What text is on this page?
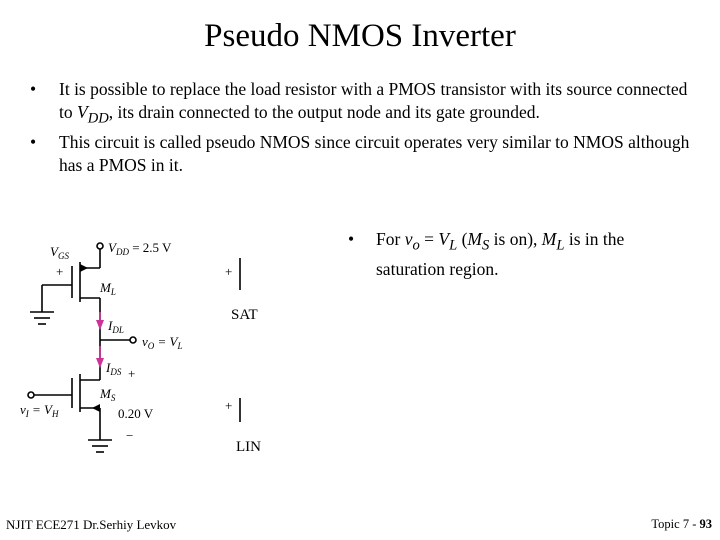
Pseudo NMOS Inverter

• It is possible to replace the load resistor with a PMOS transistor with its source connected to $V_{DD}$, its drain connected to the output node and its gate grounded.

• This circuit is called pseudo NMOS since circuit operates very similar to NMOS although has a PMOS in it.

•	For $v_o = V_L$ ($M_S$ is on), $M_L$ is in the saturation region.
+
+
$V_{GS}$
+
$V_{DD} = 2.5$ V
$M_L$
$I_{DL}$
$v_O = V_L$
$I_{DS}$ +
$M_S$
$v_I = V_H$	0.20 V
−
SAT
LIN
NJIT ECE271 Dr.Serhiy Levkov	Topic 7 - 93
